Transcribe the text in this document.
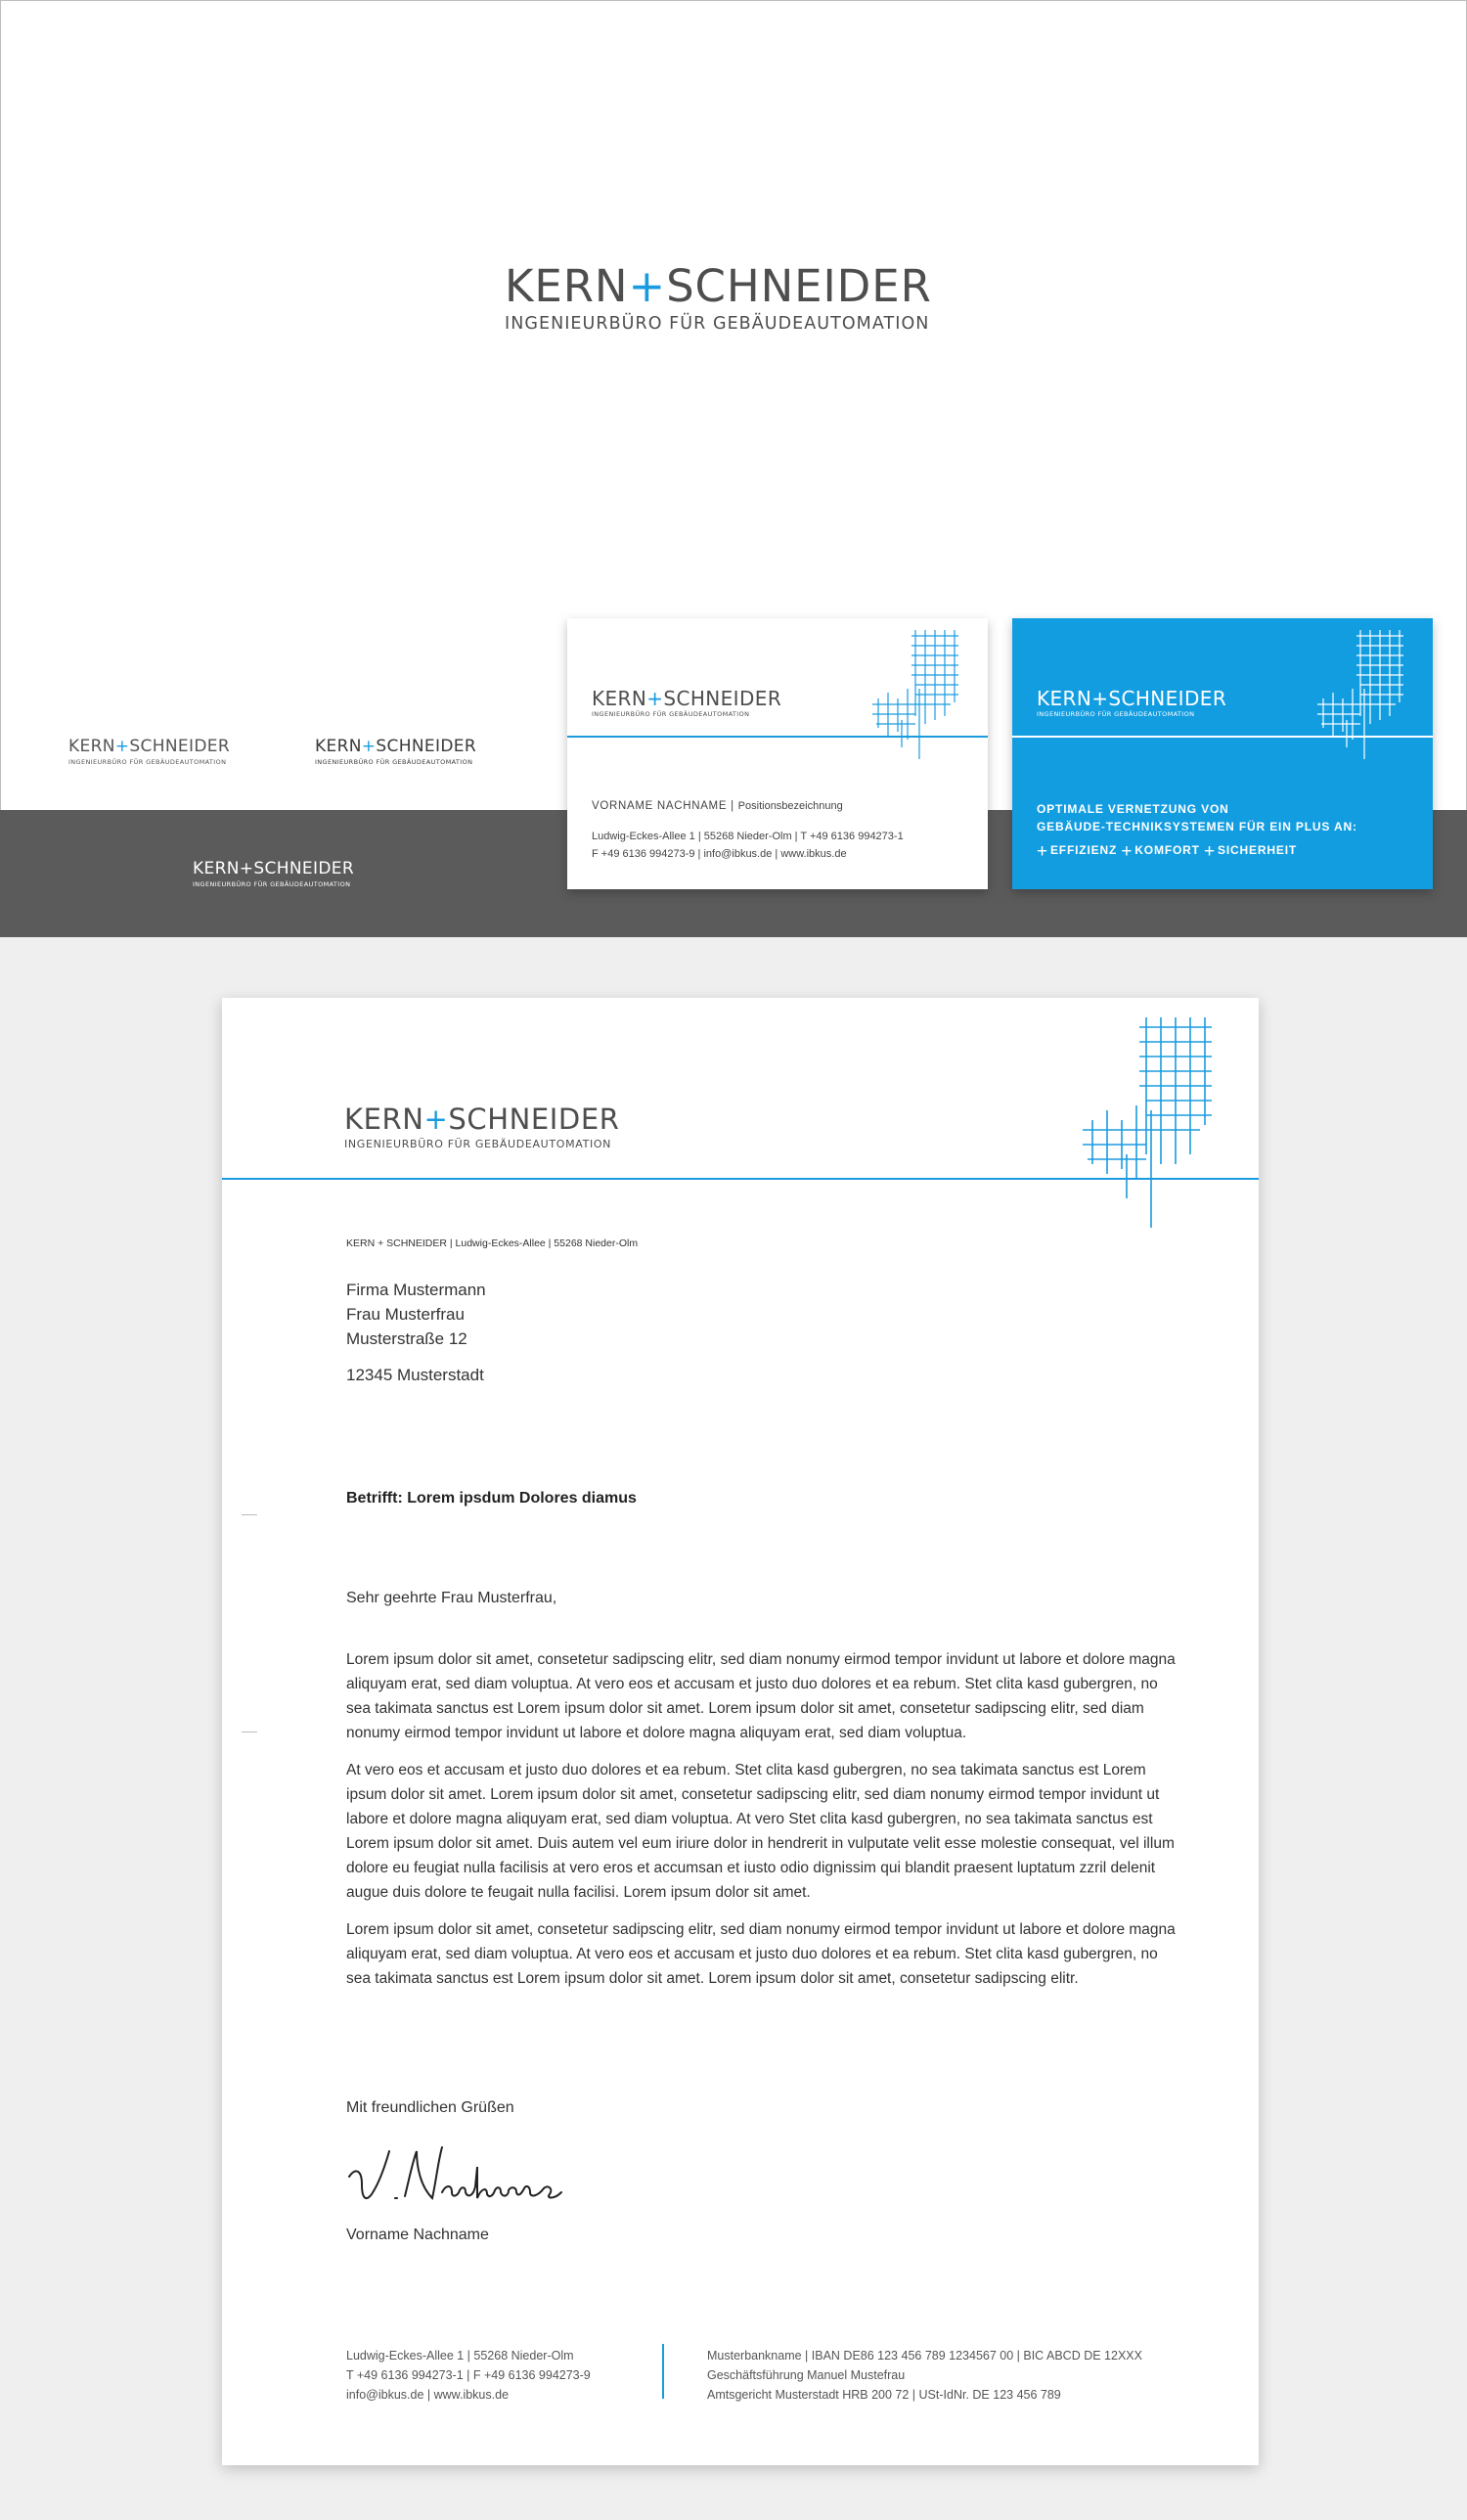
KERN+SCHNEIDER
INGENIEURBÜRO FÜR GEBÄUDEAUTOMATION
KERN+SCHNEIDER
INGENIEURBÜRO FÜR GEBÄUDEAUTOMATION
KERN+SCHNEIDER
INGENIEURBÜRO FÜR GEBÄUDEAUTOMATION
KERN+SCHNEIDER
INGENIEURBÜRO FÜR GEBÄUDEAUTOMATION
KERN+SCHNEIDER
INGENIEURBÜRO FÜR GEBÄUDEAUTOMATION
VORNAME NACHNAME | Positionsbezeichnung
Ludwig-Eckes-Allee 1 | 55268 Nieder-Olm | T +49 6136 994273-1
F +49 6136 994273-9 | info@ibkus.de | www.ibkus.de
KERN+SCHNEIDER
INGENIEURBÜRO FÜR GEBÄUDEAUTOMATION
OPTIMALE VERNETZUNG VON
GEBÄUDE-TECHNIKSYSTEMEN FÜR EIN PLUS AN:
+ EFFIZIENZ + KOMFORT + SICHERHEIT
KERN+SCHNEIDER
INGENIEURBÜRO FÜR GEBÄUDEAUTOMATION
KERN + SCHNEIDER | Ludwig-Eckes-Allee | 55268 Nieder-Olm
Firma Mustermann
Frau Musterfrau
Musterstraße 12
12345 Musterstadt
Betrifft: Lorem ipsdum Dolores diamus
Sehr geehrte Frau Musterfrau,

Lorem ipsum dolor sit amet, consetetur sadipscing elitr, sed diam nonumy eirmod tempor invidunt ut labore et dolore magna aliquyam erat, sed diam voluptua. At vero eos et accusam et justo duo dolores et ea rebum. Stet clita kasd gubergren, no sea takimata sanctus est Lorem ipsum dolor sit amet. Lorem ipsum dolor sit amet, consetetur sadipscing elitr, sed diam nonumy eirmod tempor invidunt ut labore et dolore magna aliquyam erat, sed diam voluptua.

At vero eos et accusam et justo duo dolores et ea rebum. Stet clita kasd gubergren, no sea takimata sanctus est Lorem ipsum dolor sit amet. Lorem ipsum dolor sit amet, consetetur sadipscing elitr, sed diam nonumy eirmod tempor invidunt ut labore et dolore magna aliquyam erat, sed diam voluptua. At vero Stet clita kasd gubergren, no sea takimata sanctus est Lorem ipsum dolor sit amet. Duis autem vel eum iriure dolor in hendrerit in vulputate velit esse molestie consequat, vel illum dolore eu feugiat nulla facilisis at vero eros et accumsan et iusto odio dignissim qui blandit praesent luptatum zzril delenit augue duis dolore te feugait nulla facilisi. Lorem ipsum dolor sit amet.

Lorem ipsum dolor sit amet, consetetur sadipscing elitr, sed diam nonumy eirmod tempor invidunt ut labore et dolore magna aliquyam erat, sed diam voluptua. At vero eos et accusam et justo duo dolores et ea rebum. Stet clita kasd gubergren, no sea takimata sanctus est Lorem ipsum dolor sit amet. Lorem ipsum dolor sit amet, consetetur sadipscing elitr.

Mit freundlichen Grüßen
Vorname Nachname
Ludwig-Eckes-Allee 1 | 55268 Nieder-Olm
T +49 6136 994273-1 | F +49 6136 994273-9
info@ibkus.de | www.ibkus.de
Musterbankname | IBAN DE86 123 456 789 1234567 00 | BIC ABCD DE 12XXX
Geschäftsführung Manuel Mustefrau
Amtsgericht Musterstadt HRB 200 72 | USt-IdNr. DE 123 456 789
